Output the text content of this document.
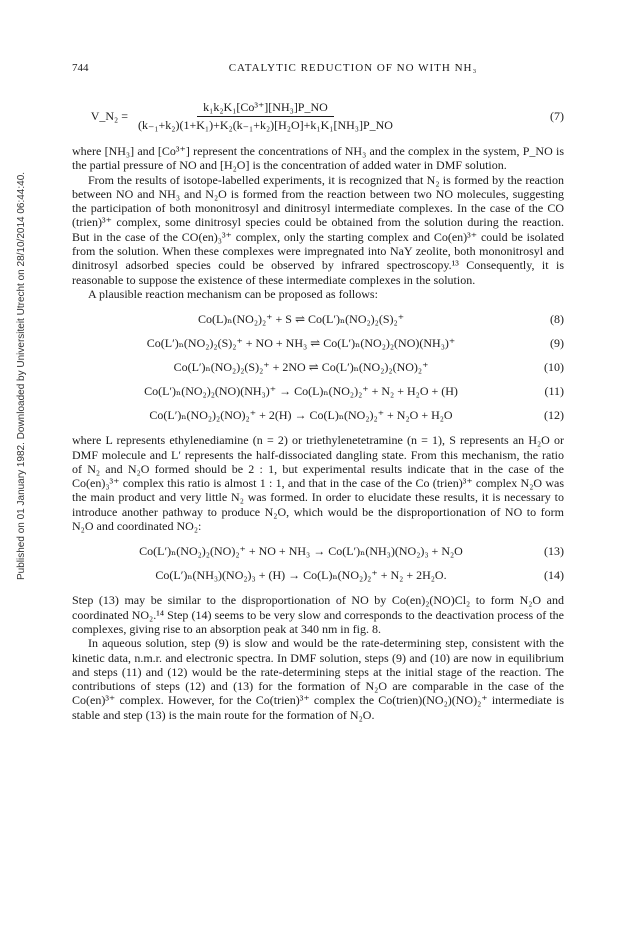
Published on 01 January 1982. Downloaded by Universiteit Utrecht on 28/10/2014 06:44:40.
744	CATALYTIC REDUCTION OF NO WITH NH₃
V_N₂ = $\frac{\text{k₁k₂K₁[Co³⁺][NH₃]P\_NO}}{\text{(k₋₁+k₂)(1+K₁)+K₂(k₋₁+k₂)[H₂O]+k₁K₁[NH₃]P\_NO}}$	(7)

where [NH₃] and [Co³⁺] represent the concentrations of NH₃ and the complex in the system, P_NO is the partial pressure of NO and [H₂O] is the concentration of added water in DMF solution.

From the results of isotope-labelled experiments, it is recognized that N₂ is formed by the reaction between NO and NH₃ and N₂O is formed from the reaction between two NO molecules, suggesting the participation of both mononitrosyl and dinitrosyl intermediate complexes. In the case of the CO (trien)³⁺ complex, some dinitrosyl species could be obtained from the solution during the reaction. But in the case of the CO(en)₃³⁺ complex, only the starting complex and Co(en)³⁺ could be isolated from the solution. When these complexes were impregnated into NaY zeolite, both mononitrosyl and dinitrosyl adsorbed species could be observed by infrared spectroscopy.¹³ Consequently, it is reasonable to suppose the existence of these intermediate complexes in the solution.

A plausible reaction mechanism can be proposed as follows:

Co(L)ₙ(NO₂)₂⁺ + S ⇌ Co(L′)ₙ(NO₂)₂(S)₂⁺	(8)
Co(L′)ₙ(NO₂)₂(S)₂⁺ + NO + NH₃ ⇌ Co(L′)ₙ(NO₂)₂(NO)(NH₃)⁺	(9)
Co(L′)ₙ(NO₂)₂(S)₂⁺ + 2NO ⇌ Co(L′)ₙ(NO₂)₂(NO)₂⁺	(10)
Co(L′)ₙ(NO₂)₂(NO)(NH₃)⁺ → Co(L)ₙ(NO₂)₂⁺ + N₂ + H₂O + (H)	(11)
Co(L′)ₙ(NO₂)₂(NO)₂⁺ + 2(H) → Co(L)ₙ(NO₂)₂⁺ + N₂O + H₂O	(12)

where L represents ethylenediamine (n = 2) or triethylenetetramine (n = 1), S represents an H₂O or DMF molecule and L′ represents the half-dissociated dangling state. From this mechanism, the ratio of N₂ and N₂O formed should be 2 : 1, but experimental results indicate that in the case of the Co(en)₃³⁺ complex this ratio is almost 1 : 1, and that in the case of the Co (trien)³⁺ complex N₂O was the main product and very little N₂ was formed. In order to elucidate these results, it is necessary to introduce another pathway to produce N₂O, which would be the disproportionation of NO to form N₂O and coordinated NO₂:

Co(L′)ₙ(NO₂)₂(NO)₂⁺ + NO + NH₃ → Co(L′)ₙ(NH₃)(NO₂)₃ + N₂O	(13)
Co(L′)ₙ(NH₃)(NO₂)₃ + (H) → Co(L)ₙ(NO₂)₂⁺ + N₂ + 2H₂O.	(14)

Step (13) may be similar to the disproportionation of NO by Co(en)₂(NO)Cl₂ to form N₂O and coordinated NO₂.¹⁴ Step (14) seems to be very slow and corresponds to the deactivation process of the complexes, giving rise to an absorption peak at 340 nm in fig. 8.

In aqueous solution, step (9) is slow and would be the rate-determining step, consistent with the kinetic data, n.m.r. and electronic spectra. In DMF solution, steps (9) and (10) are now in equilibrium and steps (11) and (12) would be the rate-determining steps at the initial stage of the reaction. The contributions of steps (12) and (13) for the formation of N₂O are comparable in the case of the Co(en)³⁺ complex. However, for the Co(trien)³⁺ complex the Co(trien)(NO₂)(NO)₂⁺ intermediate is stable and step (13) is the main route for the formation of N₂O.
